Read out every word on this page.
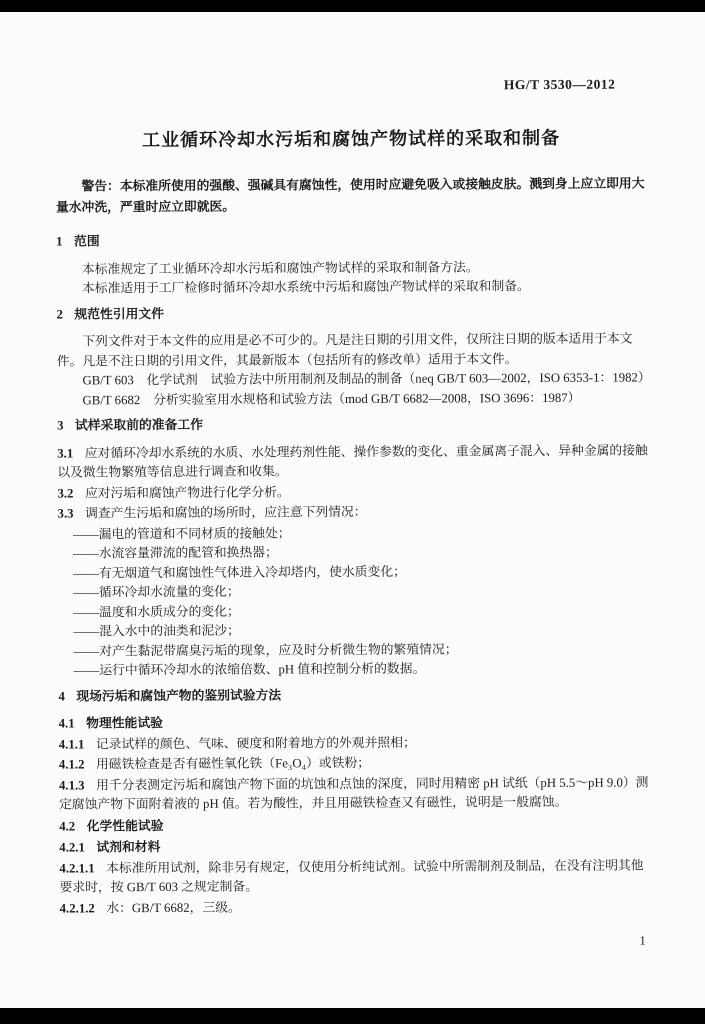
HG/T 3530—2012
工业循环冷却水污垢和腐蚀产物试样的采取和制备

警告：本标准所使用的强酸、强碱具有腐蚀性，使用时应避免吸入或接触皮肤。溅到身上应立即用大量水冲洗，严重时应立即就医。

1 范围
本标准规定了工业循环冷却水污垢和腐蚀产物试样的采取和制备方法。
本标准适用于工厂检修时循环冷却水系统中污垢和腐蚀产物试样的采取和制备。
2 规范性引用文件
下列文件对于本文件的应用是必不可少的。凡是注日期的引用文件，仅所注日期的版本适用于本文件。凡是不注日期的引用文件，其最新版本（包括所有的修改单）适用于本文件。
GB/T 603　化学试剂　试验方法中所用制剂及制品的制备（neq GB/T 603—2002，ISO 6353-1：1982）
GB/T 6682　分析实验室用水规格和试验方法（mod GB/T 6682—2008，ISO 3696：1987）
3 试样采取前的准备工作
3.1 应对循环冷却水系统的水质、水处理药剂性能、操作参数的变化、重金属离子混入、异种金属的接触以及微生物繁殖等信息进行调查和收集。
3.2 应对污垢和腐蚀产物进行化学分析。
3.3 调查产生污垢和腐蚀的场所时，应注意下列情况：
——漏电的管道和不同材质的接触处；
——水流容量滞流的配管和换热器；
——有无烟道气和腐蚀性气体进入冷却塔内，使水质变化；
——循环冷却水流量的变化；
——温度和水质成分的变化；
——混入水中的油类和泥沙；
——对产生黏泥带腐臭污垢的现象，应及时分析微生物的繁殖情况；
——运行中循环冷却水的浓缩倍数、pH 值和控制分析的数据。
4 现场污垢和腐蚀产物的鉴别试验方法
4.1 物理性能试验
4.1.1 记录试样的颜色、气味、硬度和附着地方的外观并照相；
4.1.2 用磁铁检查是否有磁性氧化铁（Fe₃O₄）或铁粉；
4.1.3 用千分表测定污垢和腐蚀产物下面的坑蚀和点蚀的深度，同时用精密 pH 试纸（pH 5.5～pH 9.0）测定腐蚀产物下面附着液的 pH 值。若为酸性，并且用磁铁检查又有磁性，说明是一般腐蚀。
4.2 化学性能试验
4.2.1 试剂和材料
4.2.1.1 本标准所用试剂，除非另有规定，仅使用分析纯试剂。试验中所需制剂及制品，在没有注明其他要求时，按 GB/T 603 之规定制备。
4.2.1.2 水：GB/T 6682，三级。
1
